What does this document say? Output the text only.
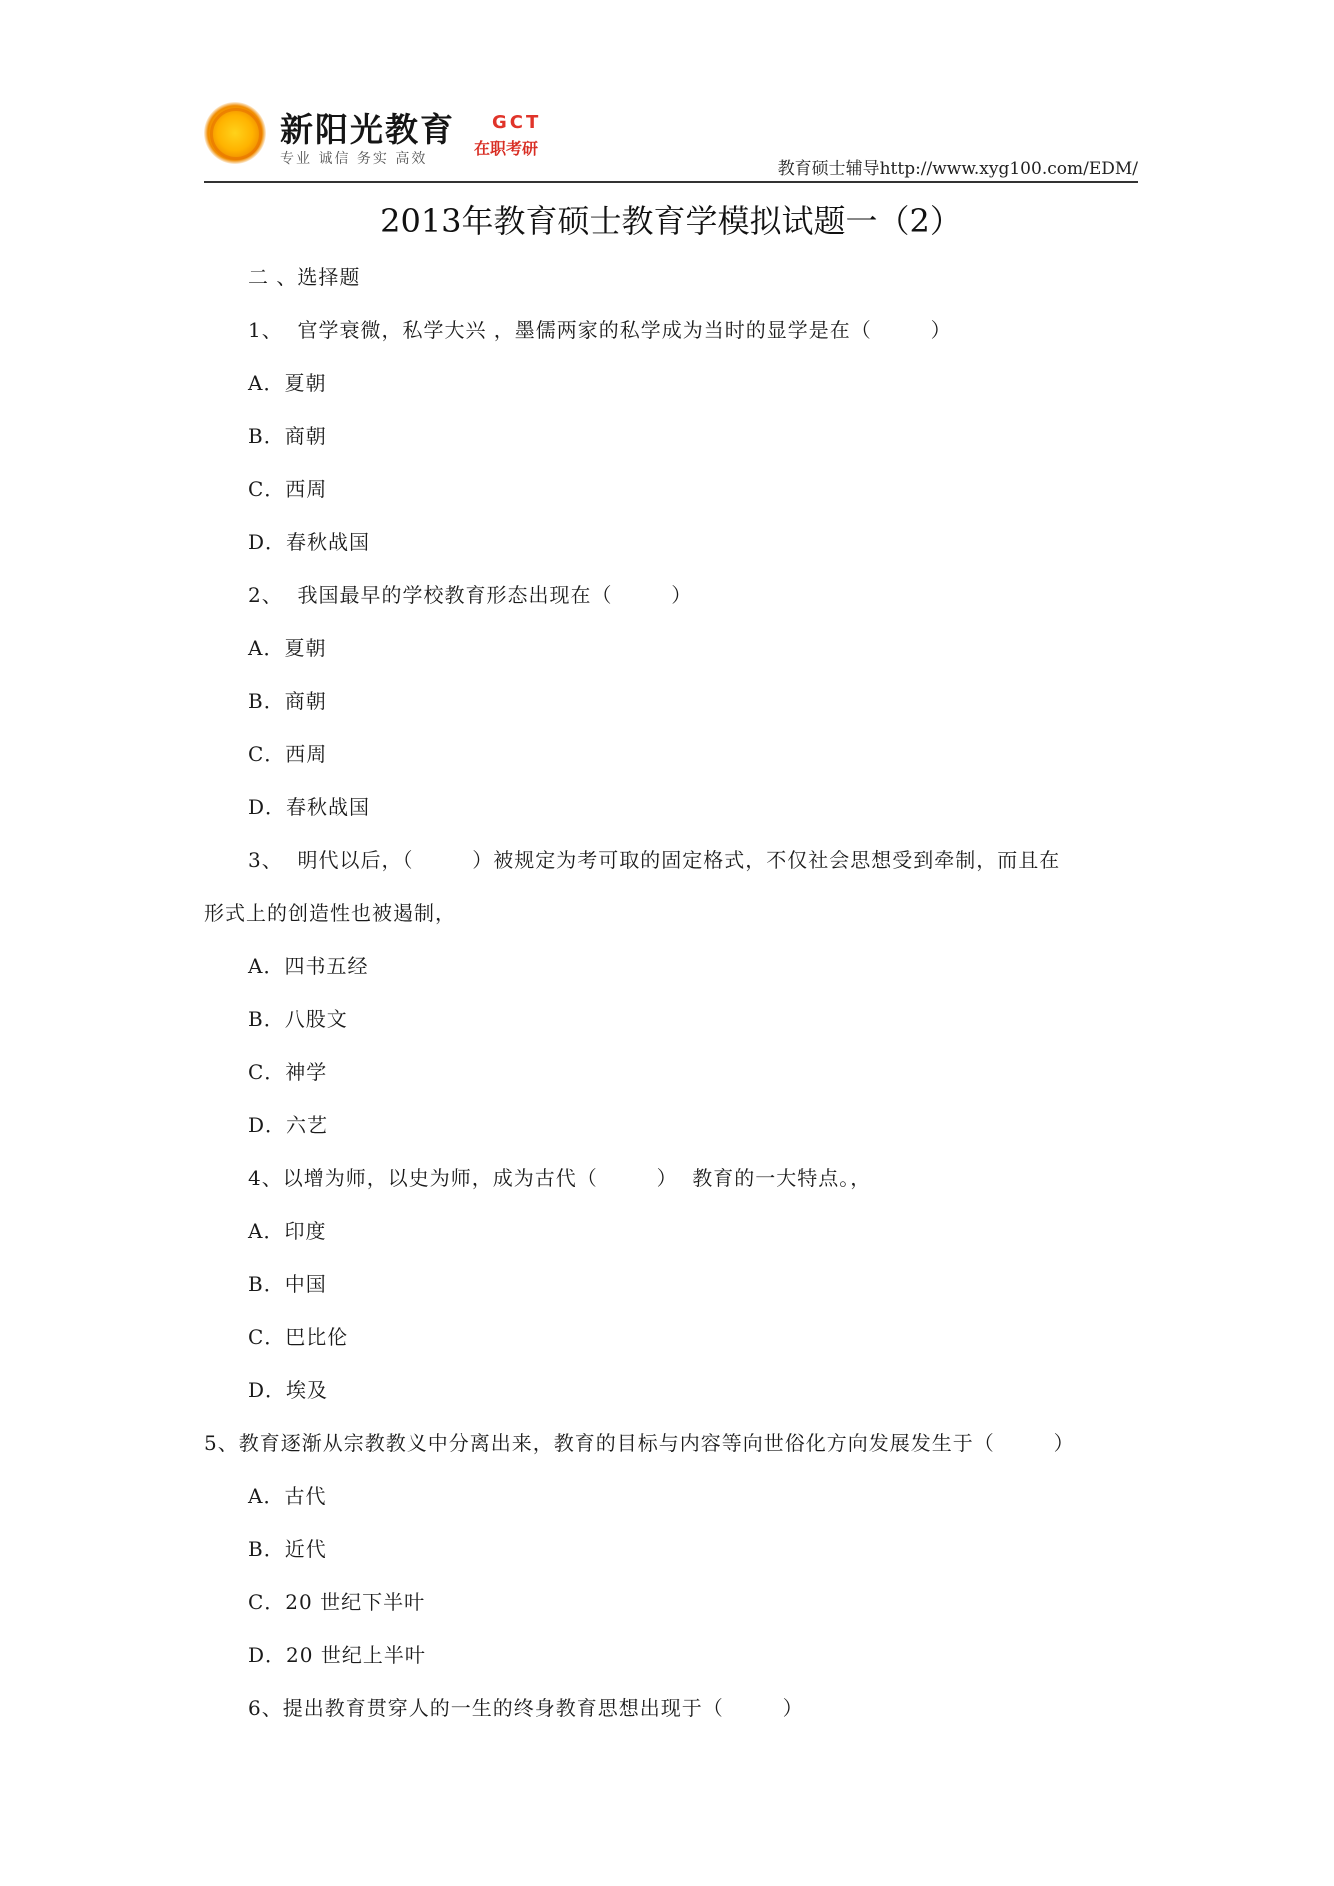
新阳光教育
专业 诚信 务实 高效
GCT
在职考研
教育硕士辅导http://www.xyg100.com/EDM/
2013年教育硕士教育学模拟试题一（2）

二 、选择题

1、  官学衰微，私学大兴 ，墨儒两家的私学成为当时的显学是在（        ）

A．夏朝

B．商朝

C．西周

D．春秋战国

2、  我国最早的学校教育形态出现在（        ）

A．夏朝

B．商朝

C．西周

D．春秋战国

3、  明代以后，（        ）被规定为考可取的固定格式，不仅社会思想受到牵制，而且在

形式上的创造性也被遏制，

A．四书五经

B．八股文

C．神学

D．六艺

4、以增为师，以史为师，成为古代（        ）  教育的一大特点。，

A．印度

B．中国

C．巴比伦

D．埃及

5、教育逐渐从宗教教义中分离出来，教育的目标与内容等向世俗化方向发展发生于（        ）

A．古代

B．近代

C．20 世纪下半叶

D．20 世纪上半叶

6、提出教育贯穿人的一生的终身教育思想出现于（        ）
